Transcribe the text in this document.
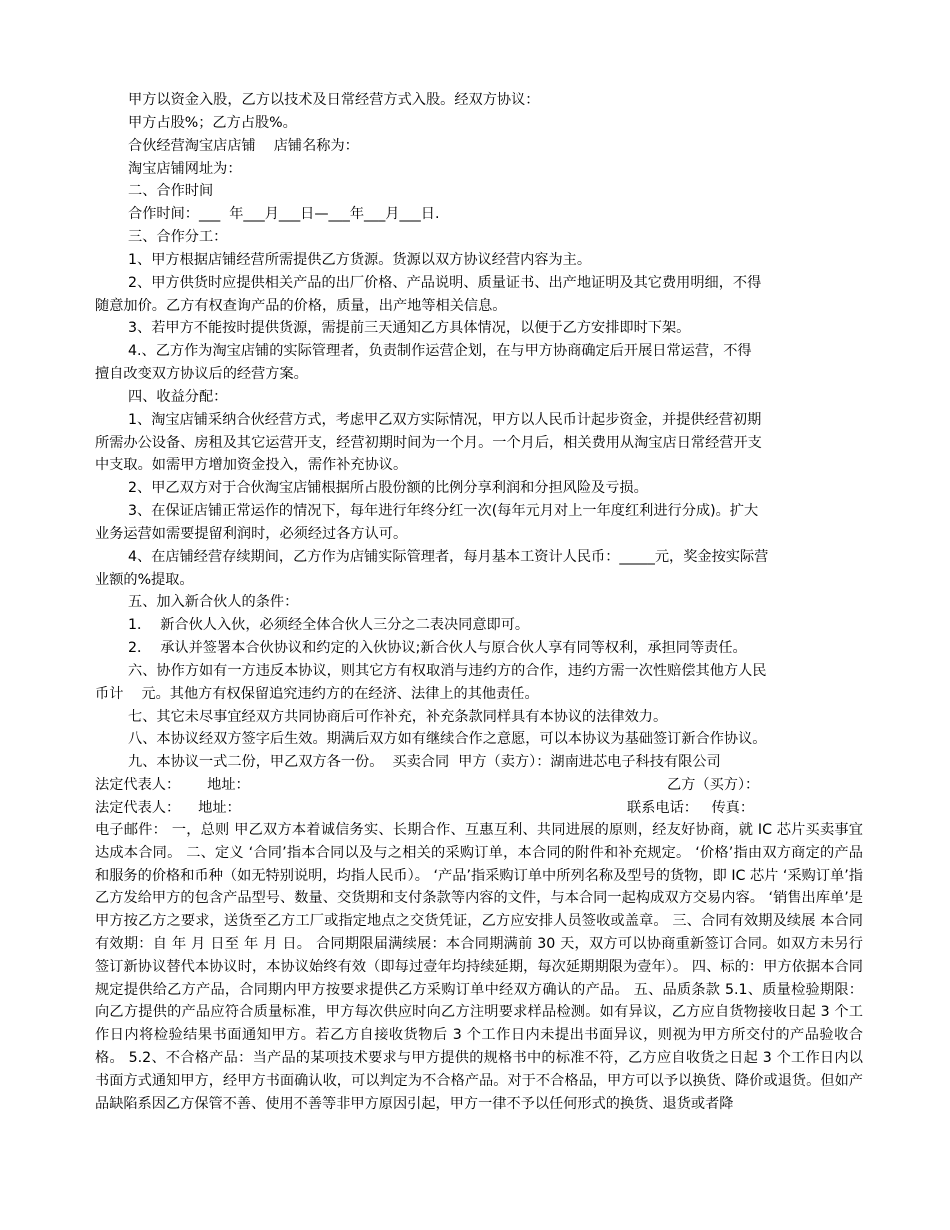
甲方以资金入股，乙方以技术及日常经营方式入股。经双方协议：
甲方占股%；乙方占股%。
合伙经营淘宝店店铺    店铺名称为：
淘宝店铺网址为：
二、合作时间
合作时间：___  年___月___日—___年___月___日.
三、合作分工：
1、甲方根据店铺经营所需提供乙方货源。货源以双方协议经营内容为主。
2、甲方供货时应提供相关产品的出厂价格、产品说明、质量证书、出产地证明及其它费用明细，不得
随意加价。乙方有权查询产品的价格，质量，出产地等相关信息。
3、若甲方不能按时提供货源，需提前三天通知乙方具体情况，以便于乙方安排即时下架。
4.、乙方作为淘宝店铺的实际管理者，负责制作运营企划，在与甲方协商确定后开展日常运营，不得
擅自改变双方协议后的经营方案。
四、收益分配：
1、淘宝店铺采纳合伙经营方式，考虑甲乙双方实际情况，甲方以人民币计起步资金，并提供经营初期
所需办公设备、房租及其它运营开支，经营初期时间为一个月。一个月后，相关费用从淘宝店日常经营开支
中支取。如需甲方增加资金投入，需作补充协议。
2、甲乙双方对于合伙淘宝店铺根据所占股份额的比例分享利润和分担风险及亏损。
3、在保证店铺正常运作的情况下，每年进行年终分红一次(每年元月对上一年度红利进行分成)。扩大
业务运营如需要提留利润时，必须经过各方认可。
4、在店铺经营存续期间，乙方作为店铺实际管理者，每月基本工资计人民币：_____元，奖金按实际营
业额的%提取。
五、加入新合伙人的条件：
1．  新合伙人入伙，必须经全体合伙人三分之二表决同意即可。
2．  承认并签署本合伙协议和约定的入伙协议;新合伙人与原合伙人享有同等权利，承担同等责任。
六、协作方如有一方违反本协议，则其它方有权取消与违约方的合作，违约方需一次性赔偿其他方人民
币计    元。其他方有权保留追究违约方的在经济、法律上的其他责任。
七、其它未尽事宜经双方共同协商后可作补充，补充条款同样具有本协议的法律效力。
八、本协议经双方签字后生效。期满后双方如有继续合作之意愿，可以本协议为基础签订新合作协议。
九、本协议一式二份，甲乙双方各一份。  买卖合同  甲方（卖方）：湖南进芯电子科技有限公司
法定代表人：      地址：	乙方（买方）：
法定代表人：    地址：	联系电话：   传真：
电子邮件： 一，总则 甲乙双方本着诚信务实、长期合作、互惠互利、共同进展的原则，经友好协商，就 IC 芯片买卖事宜达成本合同。 二、定义 ‘合同’指本合同以及与之相关的采购订单，本合同的附件和补充规定。 ‘价格’指由双方商定的产品和服务的价格和币种（如无特别说明，均指人民币）。 ‘产品’指采购订单中所列名称及型号的货物，即 IC 芯片 ‘采购订单’指乙方发给甲方的包含产品型号、数量、交货期和支付条款等内容的文件，与本合同一起构成双方交易内容。 ‘销售出库单’是甲方按乙方之要求，送货至乙方工厂或指定地点之交货凭证，乙方应安排人员签收或盖章。 三、合同有效期及续展 本合同有效期：自 年 月 日至 年 月 日。 合同期限届满续展：本合同期满前 30 天，双方可以协商重新签订合同。如双方未另行签订新协议替代本协议时，本协议始终有效（即每过壹年均持续延期，每次延期期限为壹年）。 四、标的：甲方依据本合同规定提供给乙方产品，合同期内甲方按要求提供乙方采购订单中经双方确认的产品。 五、品质条款 5.1、质量检验期限：向乙方提供的产品应符合质量标准，甲方每次供应时向乙方注明要求样品检测。如有异议，乙方应自货物接收日起 3 个工作日内将检验结果书面通知甲方。若乙方自接收货物后 3 个工作日内未提出书面异议，则视为甲方所交付的产品验收合格。 5.2、不合格产品：当产品的某项技术要求与甲方提供的规格书中的标准不符，乙方应自收货之日起 3 个工作日内以书面方式通知甲方，经甲方书面确认收，可以判定为不合格产品。对于不合格品，甲方可以予以换货、降价或退货。但如产品缺陷系因乙方保管不善、使用不善等非甲方原因引起，甲方一律不予以任何形式的换货、退货或者降
